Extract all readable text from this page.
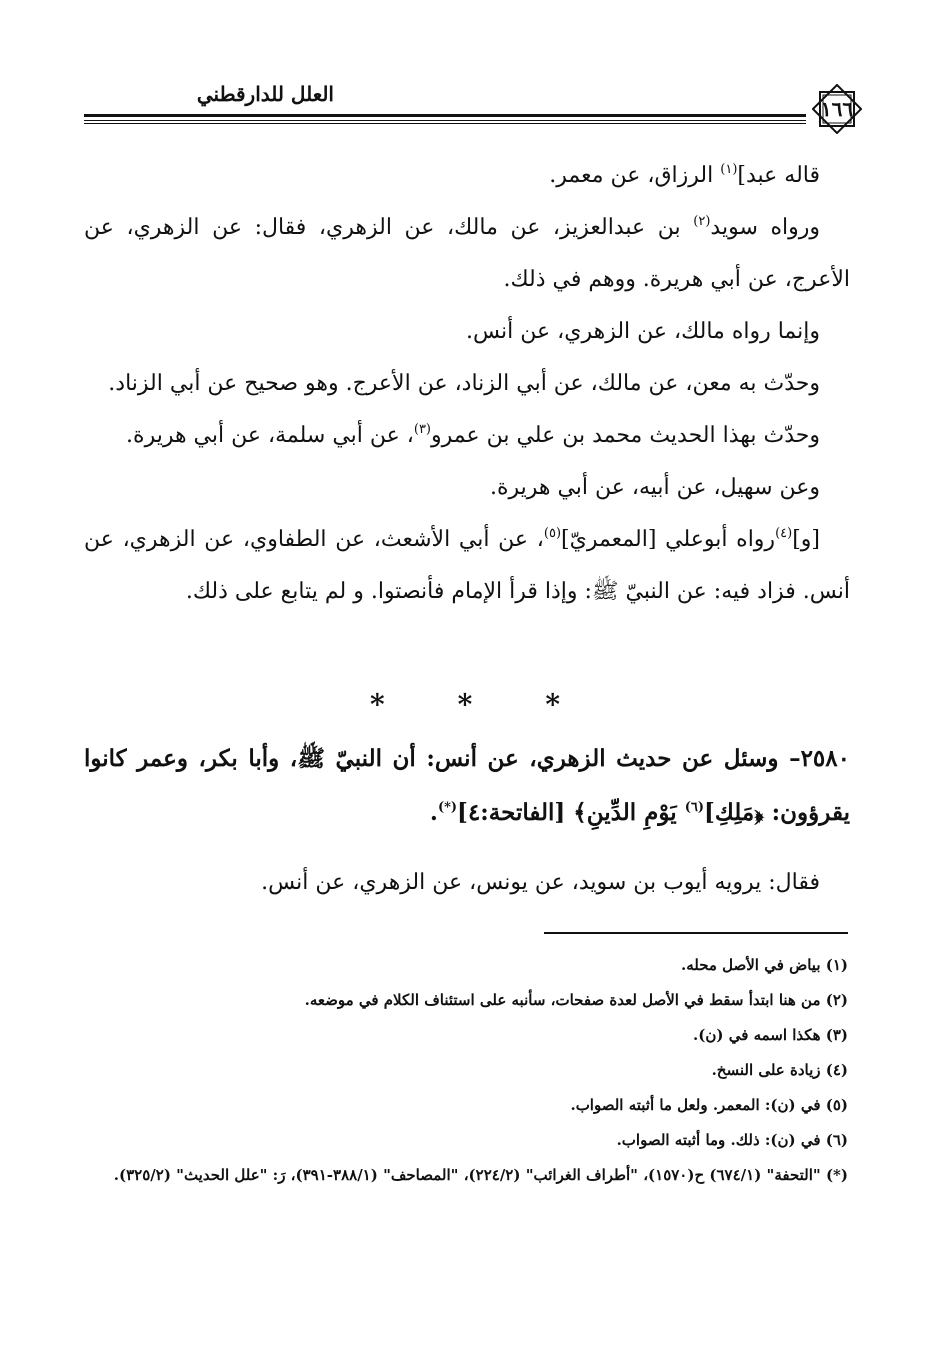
١٦٦
العلل للدارقطني

قاله عبد]$^{(١)}$ الرزاق، عن معمر.

ورواه سويد$^{(٢)}$ بن عبدالعزيز، عن مالك، عن الزهري، فقال: عن الزهري، عن الأعرج، عن أبي هريرة. ووهم في ذلك.

وإنما رواه مالك، عن الزهري، عن أنس.

وحدّث به معن، عن مالك، عن أبي الزناد، عن الأعرج. وهو صحيح عن أبي الزناد.

وحدّث بهذا الحديث محمد بن علي بن عمرو$^{(٣)}$، عن أبي سلمة، عن أبي هريرة.

وعن سهيل، عن أبيه، عن أبي هريرة.

[و]$^{(٤)}$رواه أبوعلي [المعمريّ]$^{(٥)}$، عن أبي الأشعث، عن الطفاوي، عن الزهري، عن أنس. فزاد فيه: عن النبيّ ﷺ: وإذا قرأ الإمام فأنصتوا. و لم يتابع على ذلك.

*	*	*

٢٥٨٠– وسئل عن حديث الزهري، عن أنس: أن النبيّ ﷺ، وأبا بكر، وعمر كانوا يقرؤون: ﴿مَلِكِ]$^{(٦)}$ يَوْمِ الدِّينِ﴾ [الفاتحة:٤](*).

فقال: يرويه أيوب بن سويد، عن يونس، عن الزهري، عن أنس.

(١) بياض في الأصل محله.

(٢) من هنا ابتدأ سقط في الأصل لعدة صفحات، سأنبه على استئناف الكلام في موضعه.

(٣) هكذا اسمه في (ن).

(٤) زيادة على النسخ.

(٥) في (ن): المعمر. ولعل ما أثبته الصواب.

(٦) في (ن): ذلك. وما أثبته الصواب.

(*) "التحفة" (٦٧٤/١) ح(١٥٧٠)، "أطراف الغرائب" (٢٢٤/٢)، "المصاحف" (٣٨٨/١-٣٩١)، رَ: "علل الحديث" (٣٢٥/٢).
